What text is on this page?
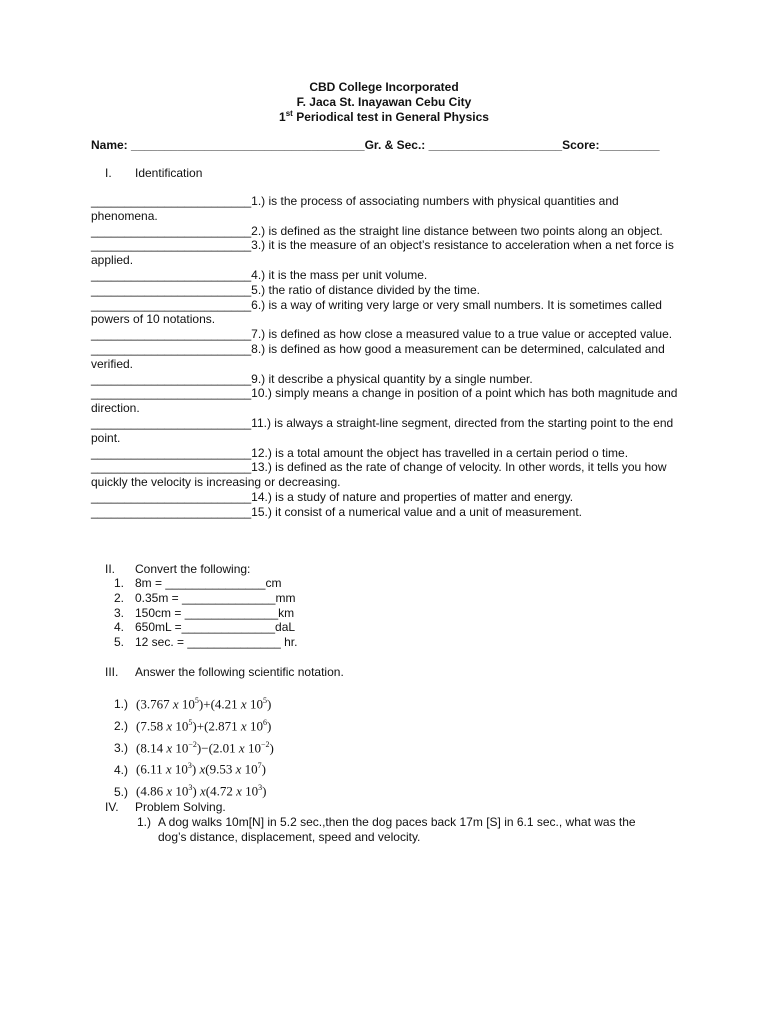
CBD College Incorporated
F. Jaca St. Inayawan Cebu City
1st Periodical test in General Physics
Name: ___________________________________Gr. & Sec.: ____________________Score:_________
I. Identification

________________________1.) is the process of associating numbers with physical quantities and phenomena.

________________________2.) is defined as the straight line distance between two points along an object.

________________________3.) it is the measure of an object’s resistance to acceleration when a net force is applied.

________________________4.) it is the mass per unit volume.

________________________5.) the ratio of distance divided by the time.

________________________6.) is a way of writing very large or very small numbers. It is sometimes called powers of 10 notations.

________________________7.) is defined as how close a measured value to a true value or accepted value.

________________________8.) is defined as how good a measurement can be determined, calculated and verified.

________________________9.) it describe a physical quantity by a single number.

________________________10.) simply means a change in position of a point which has both magnitude and direction.

________________________11.) is always a straight-line segment, directed from the starting point to the end point.

________________________12.) is a total amount the object has travelled in a certain period o time.

________________________13.) is defined as the rate of change of velocity. In other words, it tells you how quickly the velocity is increasing or decreasing.

________________________14.) is a study of nature and properties of matter and energy.

________________________15.) it consist of a numerical value and a unit of measurement.

II. Convert the following:
1. 8m = _______________cm
2. 0.35m = ______________mm
3. 150cm = ______________km
4. 650mL =______________daL
5. 12 sec. = ______________ hr.
III. Answer the following scientific notation.
1.) (3.767 x $10^5)+(4.21$ x $10^5$)
2.) (7.58 x $10^5)+(2.871$ x $10^6$)
3.) (8.14 x $10^{-2})-(2.01$ x $10^{-2}$)
4.) (6.11 x $10^3$) x(9.53 x $10^7$)
5.) (4.86 x $10^3$) x(4.72 x $10^3$)
IV. Problem Solving.
1.) A dog walks 10m[N] in 5.2 sec.,then the dog paces back 17m [S] in 6.1 sec., what was the
dog’s distance, displacement, speed and velocity.
